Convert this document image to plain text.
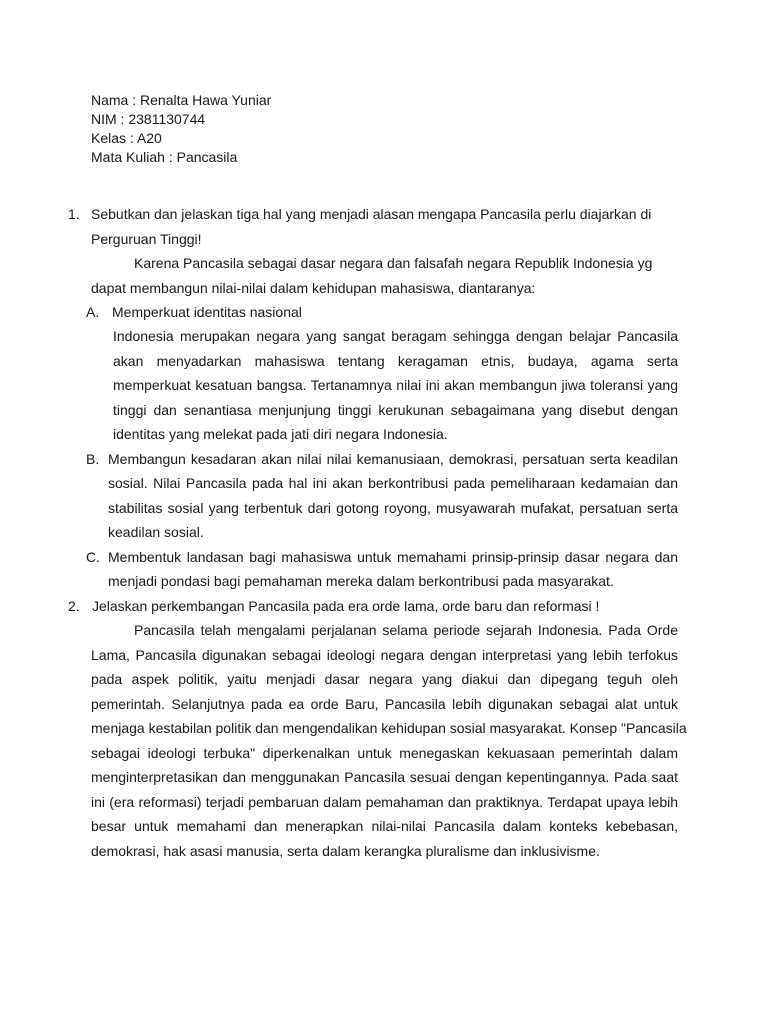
Nama : Renalta Hawa Yuniar
NIM : 2381130744
Kelas : A20
Mata Kuliah : Pancasila
1. Sebutkan dan jelaskan tiga hal yang menjadi alasan mengapa Pancasila perlu diajarkan di
Perguruan Tinggi!
Karena Pancasila sebagai dasar negara dan falsafah negara Republik Indonesia yg
dapat membangun nilai-nilai dalam kehidupan mahasiswa, diantaranya:
A. Memperkuat identitas nasional
Indonesia merupakan negara yang sangat beragam sehingga dengan belajar Pancasila
akan menyadarkan mahasiswa tentang keragaman etnis, budaya, agama serta
memperkuat kesatuan bangsa. Tertanamnya nilai ini akan membangun jiwa toleransi yang
tinggi dan senantiasa menjunjung tinggi kerukunan sebagaimana yang disebut dengan
identitas yang melekat pada jati diri negara Indonesia.
B. Membangun kesadaran akan nilai nilai kemanusiaan, demokrasi, persatuan serta keadilan
sosial. Nilai Pancasila pada hal ini akan berkontribusi pada pemeliharaan kedamaian dan
stabilitas sosial yang terbentuk dari gotong royong, musyawarah mufakat, persatuan serta
keadilan sosial.
C. Membentuk landasan bagi mahasiswa untuk memahami prinsip-prinsip dasar negara dan
menjadi pondasi bagi pemahaman mereka dalam berkontribusi pada masyarakat.
2. Jelaskan perkembangan Pancasila pada era orde lama, orde baru dan reformasi !
Pancasila telah mengalami perjalanan selama periode sejarah Indonesia. Pada Orde
Lama, Pancasila digunakan sebagai ideologi negara dengan interpretasi yang lebih terfokus
pada aspek politik, yaitu menjadi dasar negara yang diakui dan dipegang teguh oleh
pemerintah. Selanjutnya pada ea orde Baru, Pancasila lebih digunakan sebagai alat untuk
menjaga kestabilan politik dan mengendalikan kehidupan sosial masyarakat. Konsep "Pancasila
sebagai ideologi terbuka" diperkenalkan untuk menegaskan kekuasaan pemerintah dalam
menginterpretasikan dan menggunakan Pancasila sesuai dengan kepentingannya. Pada saat
ini (era reformasi) terjadi pembaruan dalam pemahaman dan praktiknya. Terdapat upaya lebih
besar untuk memahami dan menerapkan nilai-nilai Pancasila dalam konteks kebebasan,
demokrasi, hak asasi manusia, serta dalam kerangka pluralisme dan inklusivisme.
